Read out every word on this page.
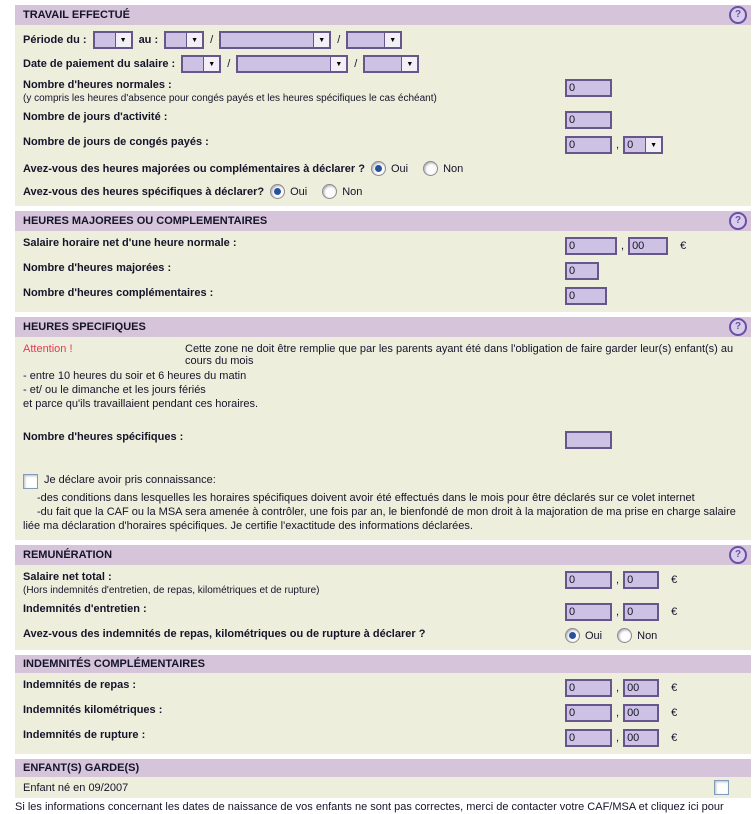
TRAVAIL EFFECTUÉ	?
Période du :	▼	au :	▼	/	▼	/	▼
Date de paiement du salaire :	▼	/	▼	/	▼
Nombre d'heures normales :
(y compris les heures d'absence pour congés payés et les heures spécifiques le cas échéant)
0
Nombre de jours d'activité :
0
Nombre de jours de congés payés :
0	, 0	▼
Avez-vous des heures majorées ou complémentaires à déclarer ? Oui	Non
Avez-vous des heures spécifiques à déclarer? Oui	Non
HEURES MAJOREES OU COMPLEMENTAIRES	?
Salaire horaire net d'une heure normale :
0	,
00	€
Nombre d'heures majorées :
0
Nombre d'heures complémentaires :
0
HEURES SPECIFIQUES	?
Attention !	Cette zone ne doit être remplie que par les parents ayant été dans l'obligation de faire garder leur(s) enfant(s) au cours du mois
- entre 10 heures du soir et 6 heures du matin
- et/ ou le dimanche et les jours fériés
et parce qu'ils travaillaient pendant ces horaires.
Nombre d'heures spécifiques :
Je déclare avoir pris connaissance:

-des conditions dans lesquelles les horaires spécifiques doivent avoir été effectués dans le mois pour être déclarés sur ce volet internet

-du fait que la CAF ou la MSA sera amenée à contrôler, une fois par an, le bienfondé de mon droit à la majoration de ma prise en charge salaire liée ma déclaration d'horaires spécifiques. Je certifie l'exactitude des informations déclarées.

REMUNÉRATION	?
Salaire net total :
(Hors indemnités d'entretien, de repas, kilométriques et de rupture)
0
,
0	€
Indemnités d'entretien :
0	,
0	€
Avez-vous des indemnités de repas, kilométriques ou de rupture à déclarer ?	Oui	Non
INDEMNITÉS COMPLÉMENTAIRES
Indemnités de repas :
0	,
00	€
Indemnités kilométriques :
0	,
00	€
Indemnités de rupture :
0	,
00	€
ENFANT(S) GARDE(S)
Enfant né en 09/2007
Si les informations concernant les dates de naissance de vos enfants ne sont pas correctes, merci de contacter votre CAF/MSA et cliquez ici pour
